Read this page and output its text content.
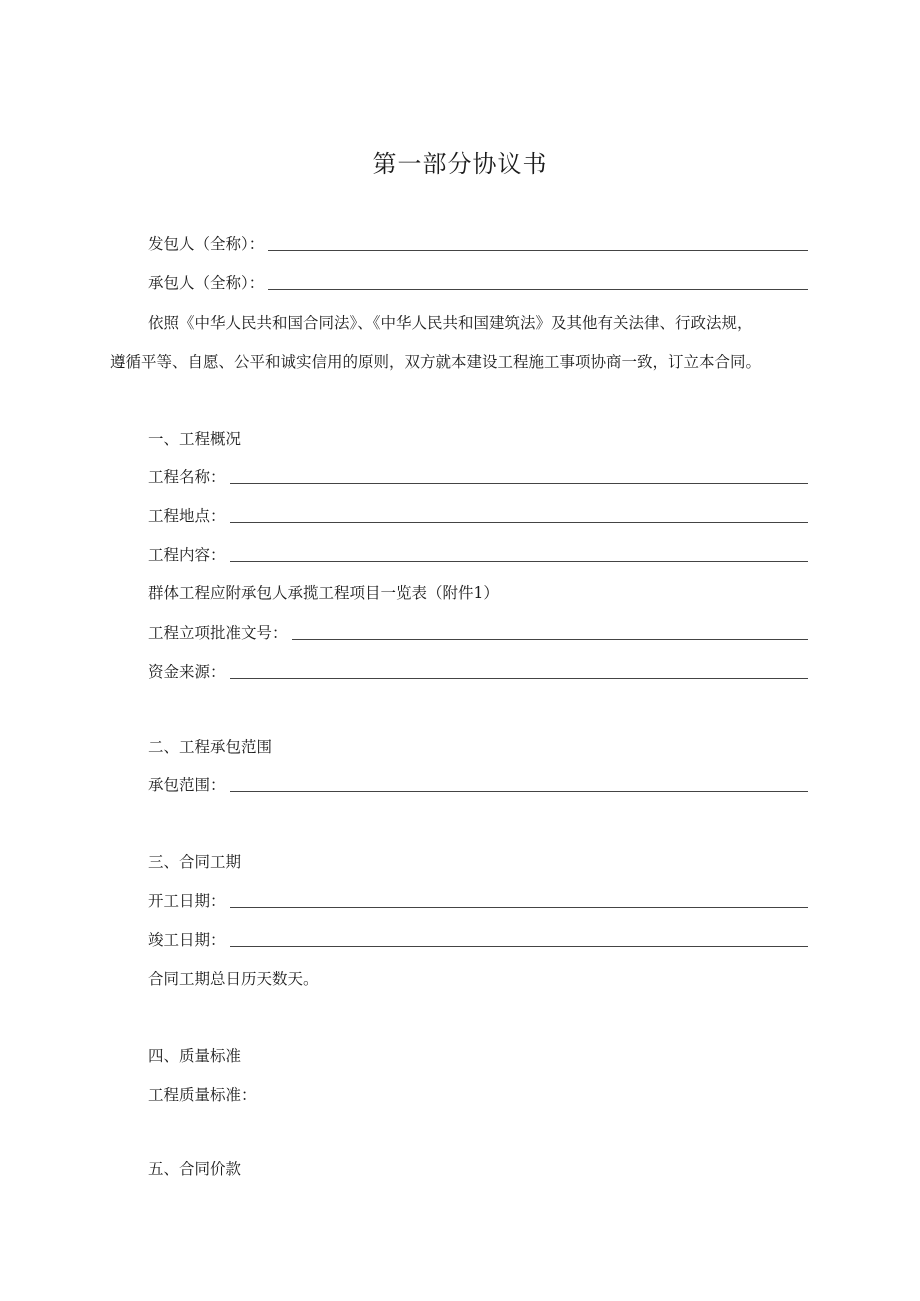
第一部分协议书
发包人（全称）：
承包人（全称）：
依照《中华人民共和国合同法》、《中华人民共和国建筑法》及其他有关法律、行政法规，
遵循平等、自愿、公平和诚实信用的原则，双方就本建设工程施工事项协商一致，订立本合同。
一、工程概况
工程名称：
工程地点：
工程内容：
群体工程应附承包人承揽工程项目一览表（附件1）
工程立项批准文号：
资金来源：
二、工程承包范围
承包范围：
三、合同工期
开工日期：
竣工日期：
合同工期总日历天数天。
四、质量标准
工程质量标准：
五、合同价款
